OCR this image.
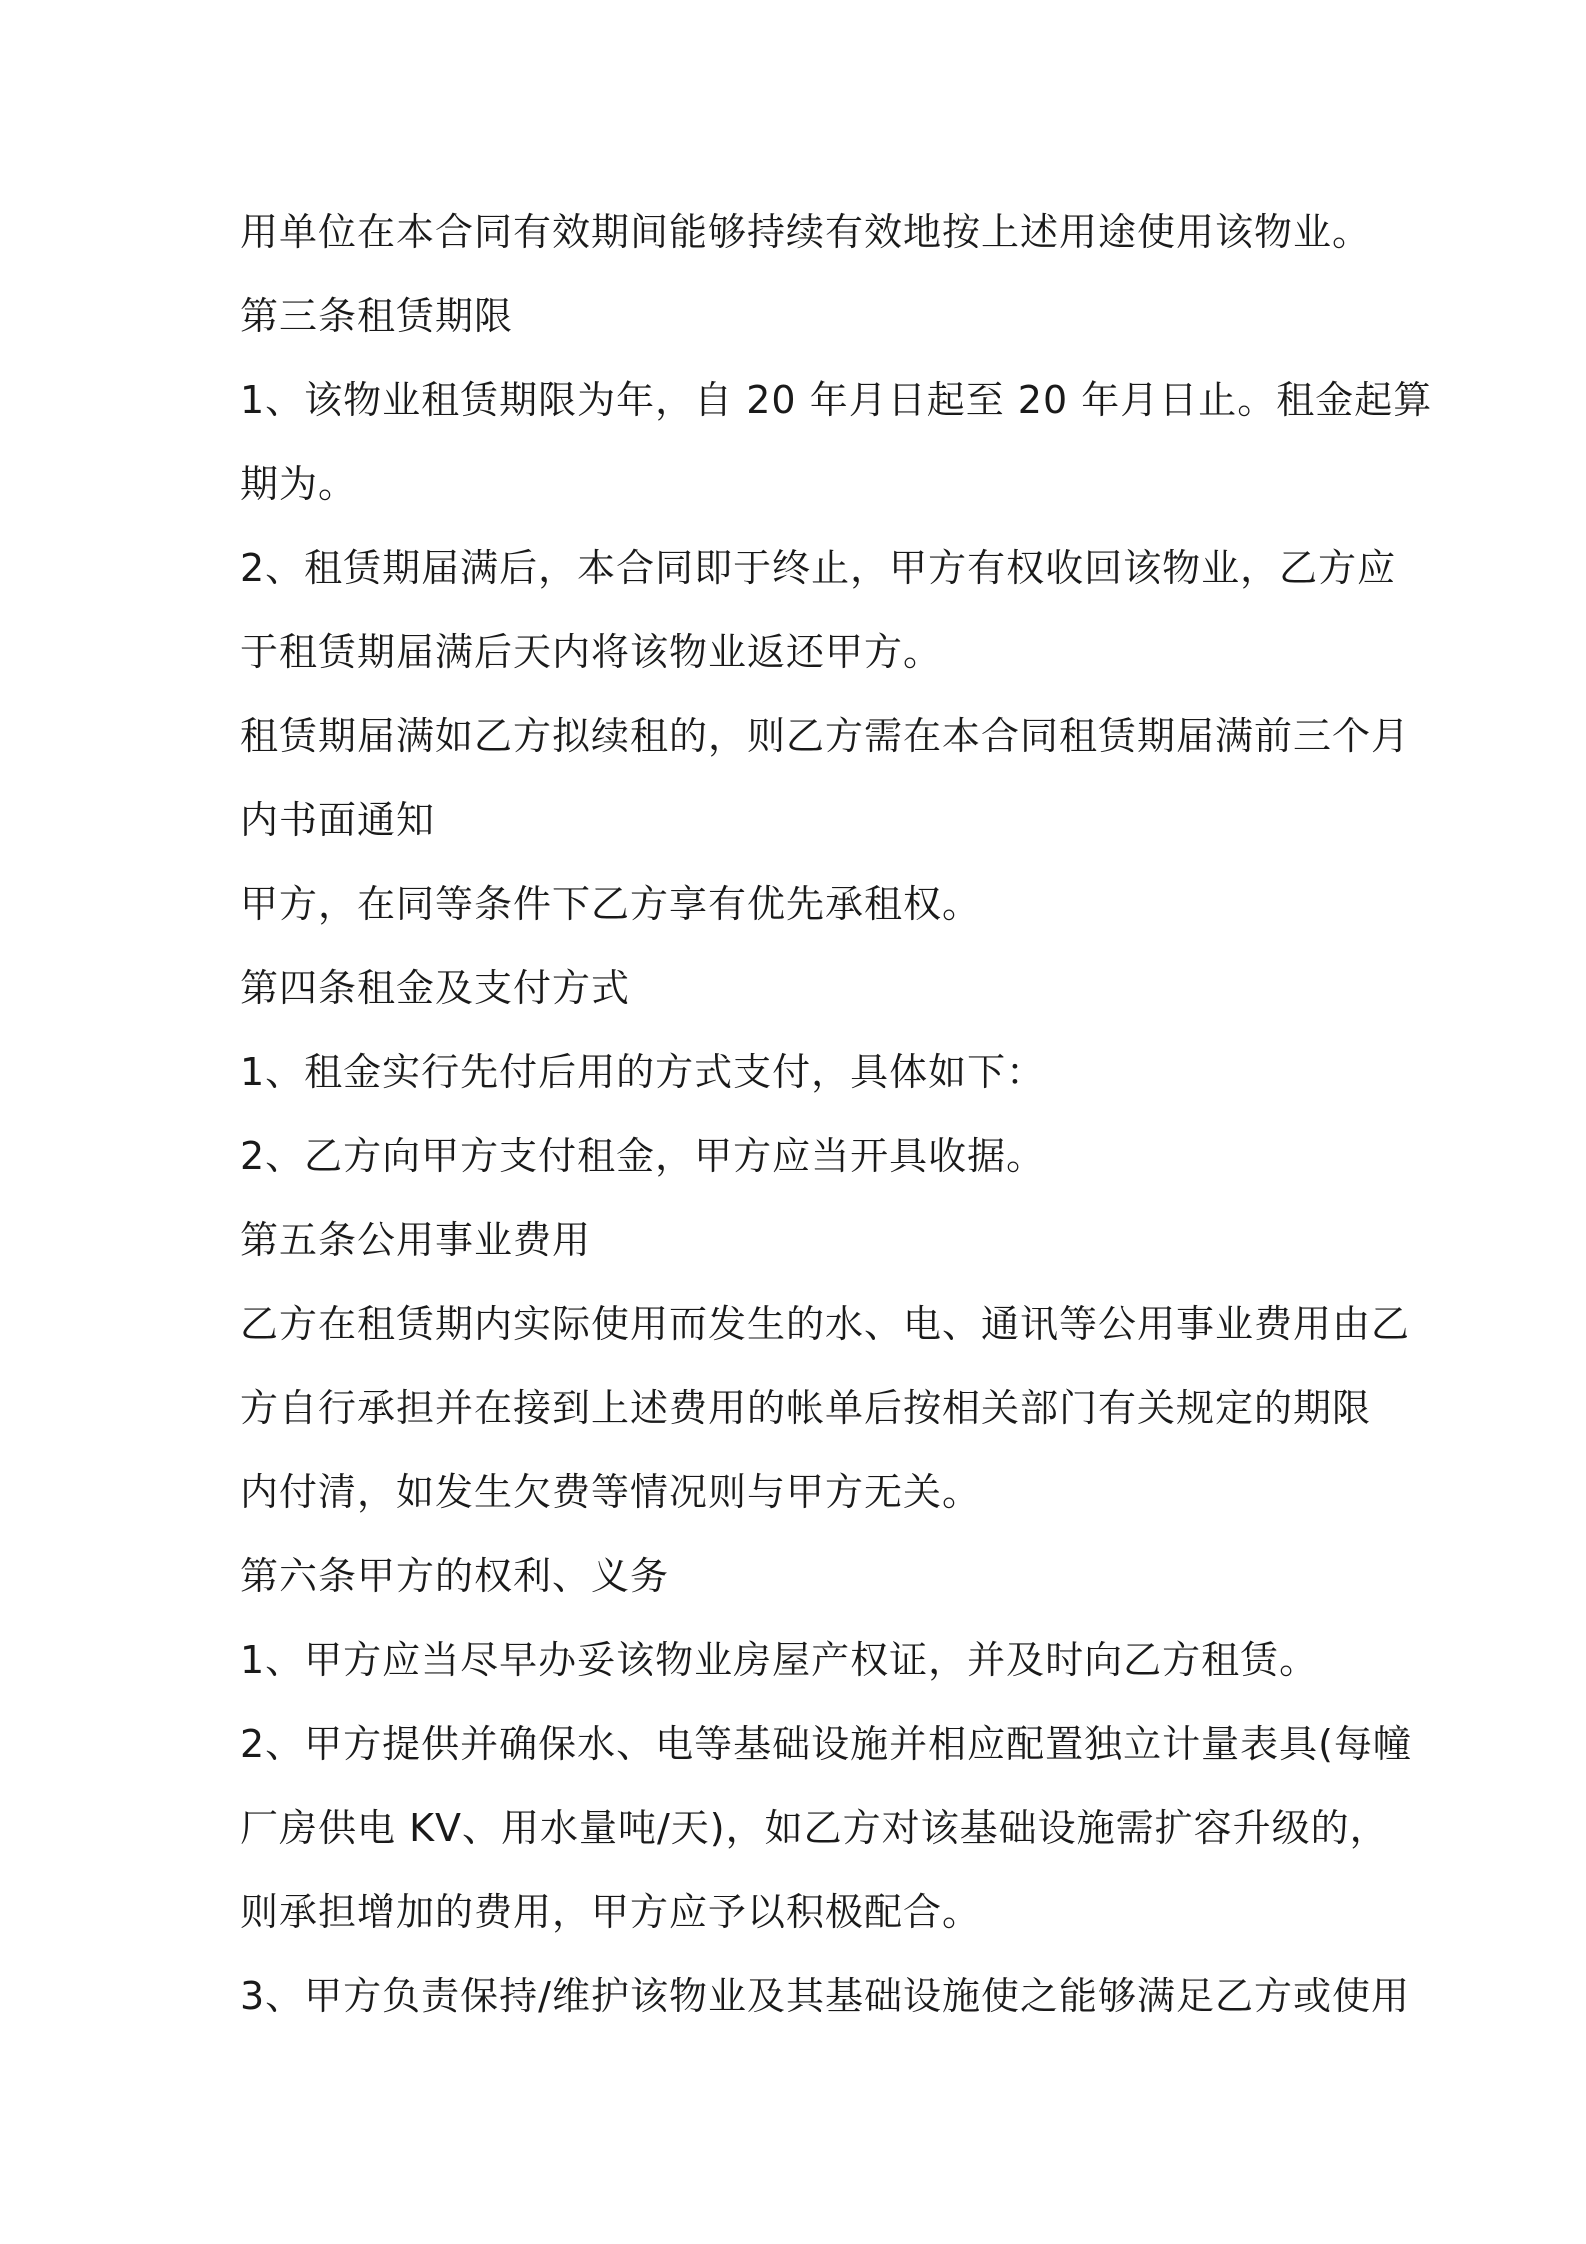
用单位在本合同有效期间能够持续有效地按上述用途使用该物业。
第三条租赁期限
1、该物业租赁期限为年，自 20 年月日起至 20 年月日止。租金起算
期为。
2、租赁期届满后，本合同即于终止，甲方有权收回该物业，乙方应
于租赁期届满后天内将该物业返还甲方。
租赁期届满如乙方拟续租的，则乙方需在本合同租赁期届满前三个月
内书面通知
甲方，在同等条件下乙方享有优先承租权。
第四条租金及支付方式
1、租金实行先付后用的方式支付，具体如下：
2、乙方向甲方支付租金，甲方应当开具收据。
第五条公用事业费用
乙方在租赁期内实际使用而发生的水、电、通讯等公用事业费用由乙
方自行承担并在接到上述费用的帐单后按相关部门有关规定的期限
内付清，如发生欠费等情况则与甲方无关。
第六条甲方的权利、义务
1、甲方应当尽早办妥该物业房屋产权证，并及时向乙方租赁。
2、甲方提供并确保水、电等基础设施并相应配置独立计量表具(每幢
厂房供电 KV、用水量吨/天)，如乙方对该基础设施需扩容升级的，
则承担增加的费用，甲方应予以积极配合。
3、甲方负责保持/维护该物业及其基础设施使之能够满足乙方或使用
